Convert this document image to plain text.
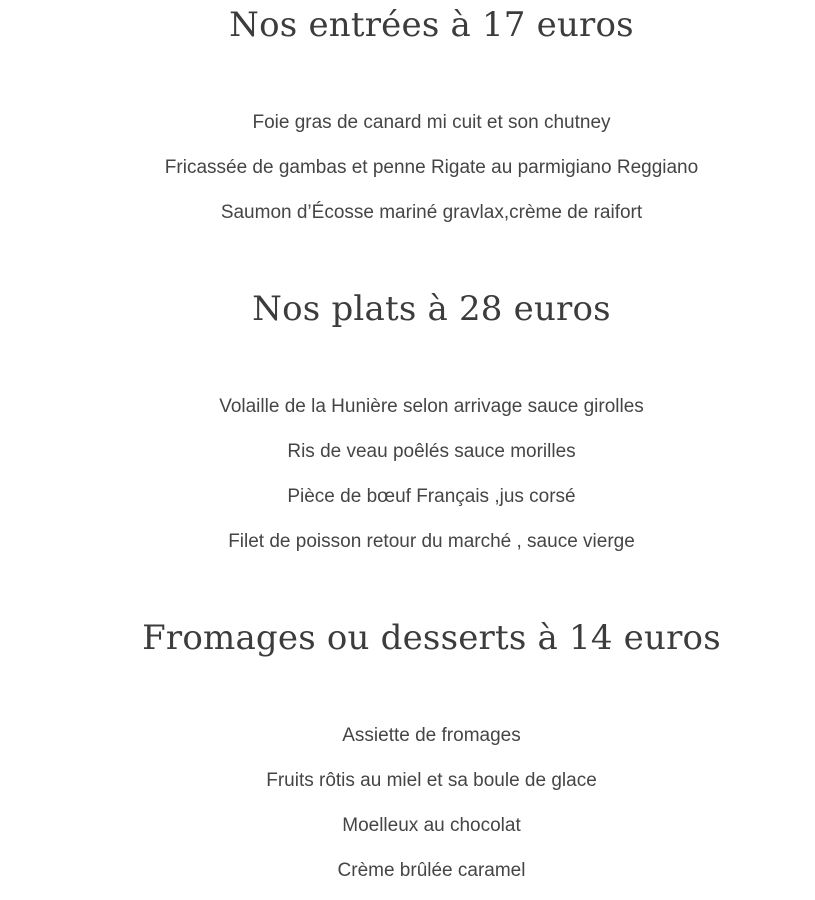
Nos entrées à 17 euros
Foie gras de canard mi cuit et son chutney
Fricassée de gambas et penne Rigate au parmigiano Reggiano
Saumon d’Écosse mariné gravlax,crème de raifort
Nos plats à 28 euros
Volaille de la Hunière selon arrivage sauce girolles
Ris de veau poêlés sauce morilles
Pièce de bœuf Français ,jus corsé
Filet de poisson retour du marché , sauce vierge
Fromages ou desserts à 14 euros
Assiette de fromages
Fruits rôtis au miel et sa boule de glace
Moelleux au chocolat
Crème brûlée caramel
